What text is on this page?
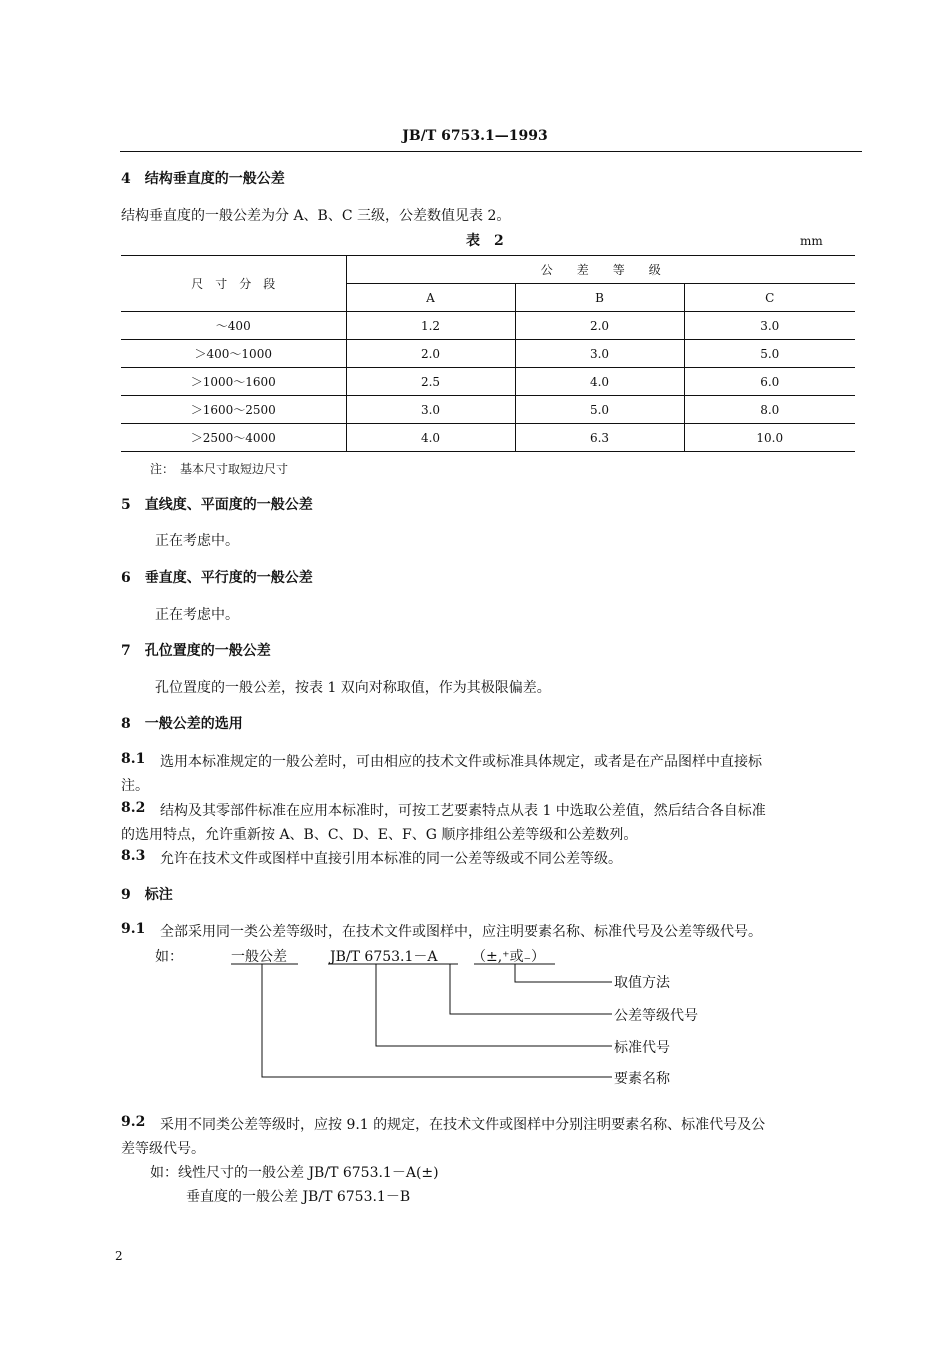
JB/T 6753.1—1993
4　结构垂直度的一般公差
结构垂直度的一般公差为分 A、B、C 三级，公差数值见表 2。
表　2	mm
尺　寸　分　段	公　　差　　等　　级		
	A	B	C
～400	1.2	2.0	3.0
＞400～1000	2.0	3.0	5.0
＞1000～1600	2.5	4.0	6.0
＞1600～2500	3.0	5.0	8.0
＞2500～4000	4.0	6.3	10.0
注：　基本尺寸取短边尺寸
5　直线度、平面度的一般公差
正在考虑中。
6　垂直度、平行度的一般公差
正在考虑中。
7　孔位置度的一般公差
孔位置度的一般公差，按表 1 双向对称取值，作为其极限偏差。
8　一般公差的选用
8.1 选用本标准规定的一般公差时，可由相应的技术文件或标准具体规定，或者是在产品图样中直接标
注。
8.2 结构及其零部件标准在应用本标准时，可按工艺要素特点从表 1 中选取公差值，然后结合各自标准
的选用特点，允许重新按 A、B、C、D、E、F、G 顺序排组公差等级和公差数列。
8.3 允许在技术文件或图样中直接引用本标准的同一公差等级或不同公差等级。
9　标注
9.1 全部采用同一类公差等级时，在技术文件或图样中，应注明要素名称、标准代号及公差等级代号。
如：	一般公差	JB/T 6753.1－A （±,⁺或₋）
取值方法
公差等级代号
标准代号
要素名称
9.2 采用不同类公差等级时，应按 9.1 的规定，在技术文件或图样中分别注明要素名称、标准代号及公
差等级代号。
如：线性尺寸的一般公差 JB/T 6753.1－A(±)
垂直度的一般公差 JB/T 6753.1－B
2
